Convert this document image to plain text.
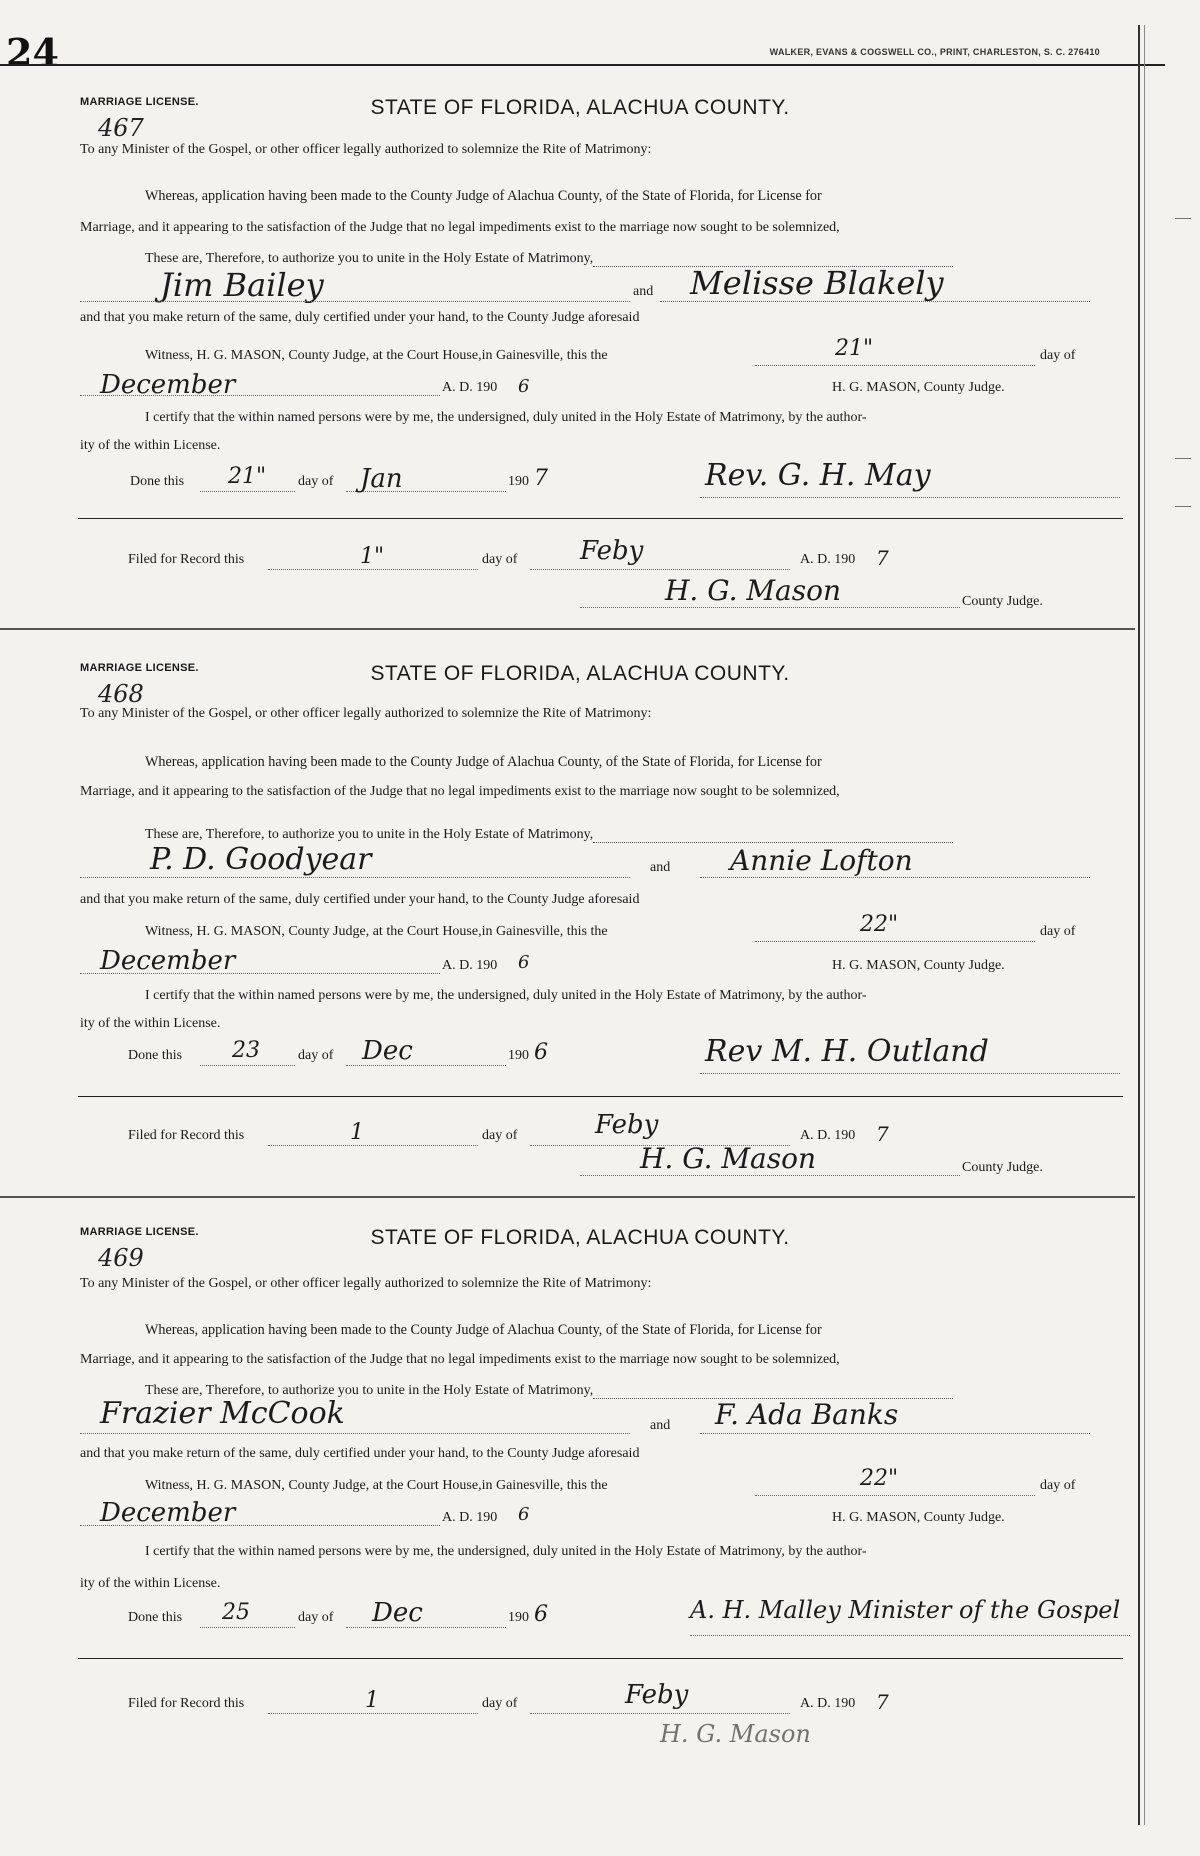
24	WALKER, EVANS & COGSWELL CO., PRINT, CHARLESTON, S. C. 276410
MARRIAGE LICENSE.
467
STATE OF FLORIDA, ALACHUA COUNTY.
To any Minister of the Gospel, or other officer legally authorized to solemnize the Rite of Matrimony:
Whereas, application having been made to the County Judge of Alachua County, of the State of Florida, for License for
Marriage, and it appearing to the satisfaction of the Judge that no legal impediments exist to the marriage now sought to be solemnized,
These are, Therefore, to authorize you to unite in the Holy Estate of Matrimony,
Jim Bailey	and Melisse Blakely
and that you make return of the same, duly certified under your hand, to the County Judge aforesaid
Witness, H. G. MASON, County Judge, at the Court House,in Gainesville, this the	21"	day of
December	A. D. 190 6	H. G. MASON, County Judge.
I certify that the within named persons were by me, the undersigned, duly united in the Holy Estate of Matrimony, by the author-
ity of the within License.
Done this 21" day of Jan	190 7	Rev. G. H. May
Filed for Record this	1"	day of Feby	A. D. 190 7
H. G. Mason	County Judge.
MARRIAGE LICENSE.
468
STATE OF FLORIDA, ALACHUA COUNTY.
To any Minister of the Gospel, or other officer legally authorized to solemnize the Rite of Matrimony:
Whereas, application having been made to the County Judge of Alachua County, of the State of Florida, for License for
Marriage, and it appearing to the satisfaction of the Judge that no legal impediments exist to the marriage now sought to be solemnized,
These are, Therefore, to authorize you to unite in the Holy Estate of Matrimony,
P. D. Goodyear	and Annie Lofton
and that you make return of the same, duly certified under your hand, to the County Judge aforesaid
Witness, H. G. MASON, County Judge, at the Court House,in Gainesville, this the	22"	day of
December	A. D. 190 6	H. G. MASON, County Judge.
I certify that the within named persons were by me, the undersigned, duly united in the Holy Estate of Matrimony, by the author-
ity of the within License.
Done this 23	day of Dec	190 6	Rev M. H. Outland
Filed for Record this	1	day of	Feby	A. D. 190 7
H. G. Mason	County Judge.
MARRIAGE LICENSE.
469
STATE OF FLORIDA, ALACHUA COUNTY.
To any Minister of the Gospel, or other officer legally authorized to solemnize the Rite of Matrimony:
Whereas, application having been made to the County Judge of Alachua County, of the State of Florida, for License for
Marriage, and it appearing to the satisfaction of the Judge that no legal impediments exist to the marriage now sought to be solemnized,
These are, Therefore, to authorize you to unite in the Holy Estate of Matrimony,
Frazier McCook	and F. Ada Banks
and that you make return of the same, duly certified under your hand, to the County Judge aforesaid
Witness, H. G. MASON, County Judge, at the Court House,in Gainesville, this the	22"	day of
December	A. D. 190 6	H. G. MASON, County Judge.
I certify that the within named persons were by me, the undersigned, duly united in the Holy Estate of Matrimony, by the author-
ity of the within License.
Done this 25	day of Dec	190 6	A. H. Malley Minister of the Gospel
Filed for Record this	1	day of	Feby	A. D. 190 7
H. G. Mason
